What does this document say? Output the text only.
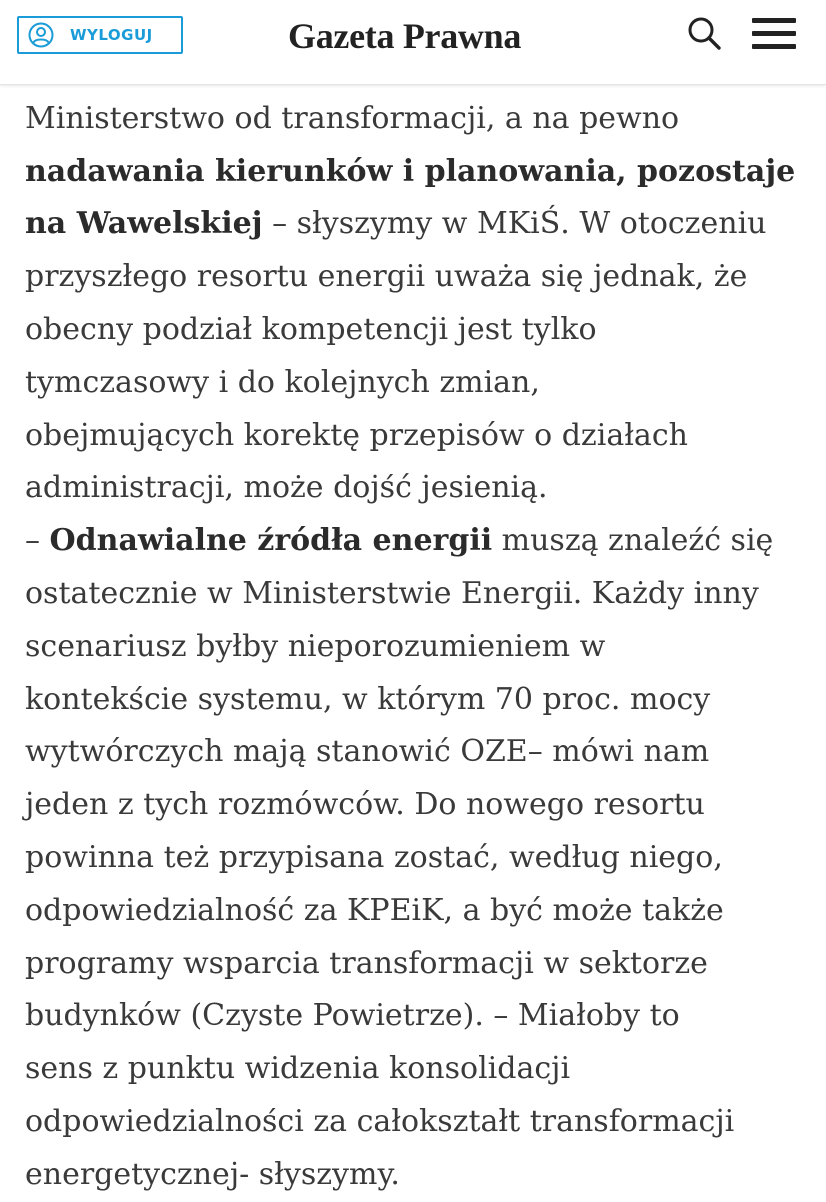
WYLOGUJ	Gazeta Prawna

Ministerstwo od transformacji, a na pewno

nadawania kierunków i planowania, pozostaje

na Wawelskiej – słyszymy w MKiŚ. W otoczeniu

przyszłego resortu energii uważa się jednak, że

obecny podział kompetencji jest tylko

tymczasowy i do kolejnych zmian,

obejmujących korektę przepisów o działach

administracji, może dojść jesienią.

– Odnawialne źródła energii muszą znaleźć się

ostatecznie w Ministerstwie Energii. Każdy inny

scenariusz byłby nieporozumieniem w

kontekście systemu, w którym 70 proc. mocy

wytwórczych mają stanowić OZE– mówi nam

jeden z tych rozmówców. Do nowego resortu

powinna też przypisana zostać, według niego,

odpowiedzialność za KPEiK, a być może także

programy wsparcia transformacji w sektorze

budynków (Czyste Powietrze). – Miałoby to

sens z punktu widzenia konsolidacji

odpowiedzialności za całokształt transformacji

energetycznej- słyszymy.
